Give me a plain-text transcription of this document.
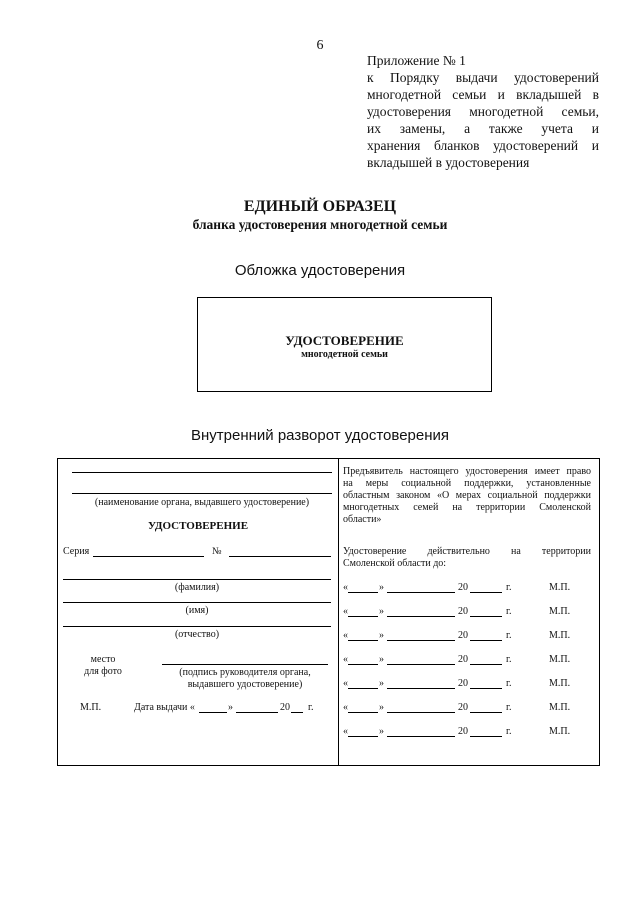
6
Приложение № 1
к Порядку выдачи удостоверений
многодетной семьи и вкладышей в
удостоверения многодетной семьи,
их замены, а также учета и
хранения бланков удостоверений и
вкладышей в удостоверения
ЕДИНЫЙ ОБРАЗЕЦ
бланка удостоверения многодетной семьи
Обложка удостоверения
УДОСТОВЕРЕНИЕ
многодетной семьи
Внутренний разворот удостоверения
(наименование органа, выдавшего удостоверение)
УДОСТОВЕРЕНИЕ
Серия	№
(фамилия)
(имя)
(отчество)
место
для фото	(подпись руководителя органа,
выдавшего удостоверение)
М.П.	Дата выдачи «	»	20 г.
Предъявитель настоящего удостоверения имеет право
на меры социальной поддержки, установленные
областным законом «О мерах социальной поддержки
многодетных семей на территории Смоленской
области»
Удостоверение действительно на территории
Смоленской области до:
«	»	20	г.	М.П.
«	»	20	г.	М.П.
«	»	20	г.	М.П.
«	»	20	г.	М.П.
«	»	20	г.	М.П.
«	»	20	г.	М.П.
«	»	20	г.	М.П.
